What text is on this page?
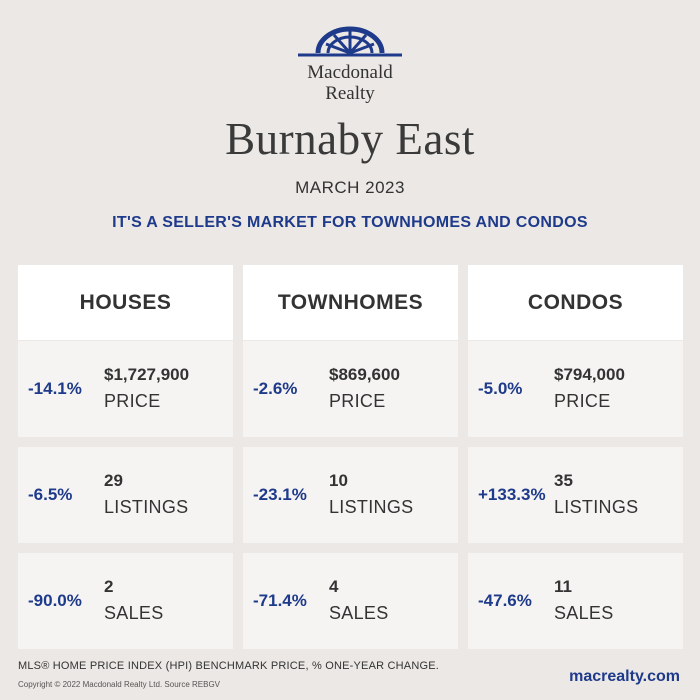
Macdonald
Realty
Burnaby East
MARCH 2023
IT'S A SELLER'S MARKET FOR TOWNHOMES AND CONDOS
HOUSES
-14.1%
$1,727,900
PRICE
-6.5%
29
LISTINGS
-90.0%
2
SALES
TOWNHOMES
-2.6%
$869,600
PRICE
-23.1%
10
LISTINGS
-71.4%
4
SALES
CONDOS
-5.0%
$794,000
PRICE
+133.3%
35
LISTINGS
-47.6%
11
SALES
MLS® HOME PRICE INDEX (HPI) BENCHMARK PRICE, % ONE-YEAR CHANGE.
Copyright © 2022 Macdonald Realty Ltd. Source REBGV	macrealty.com
